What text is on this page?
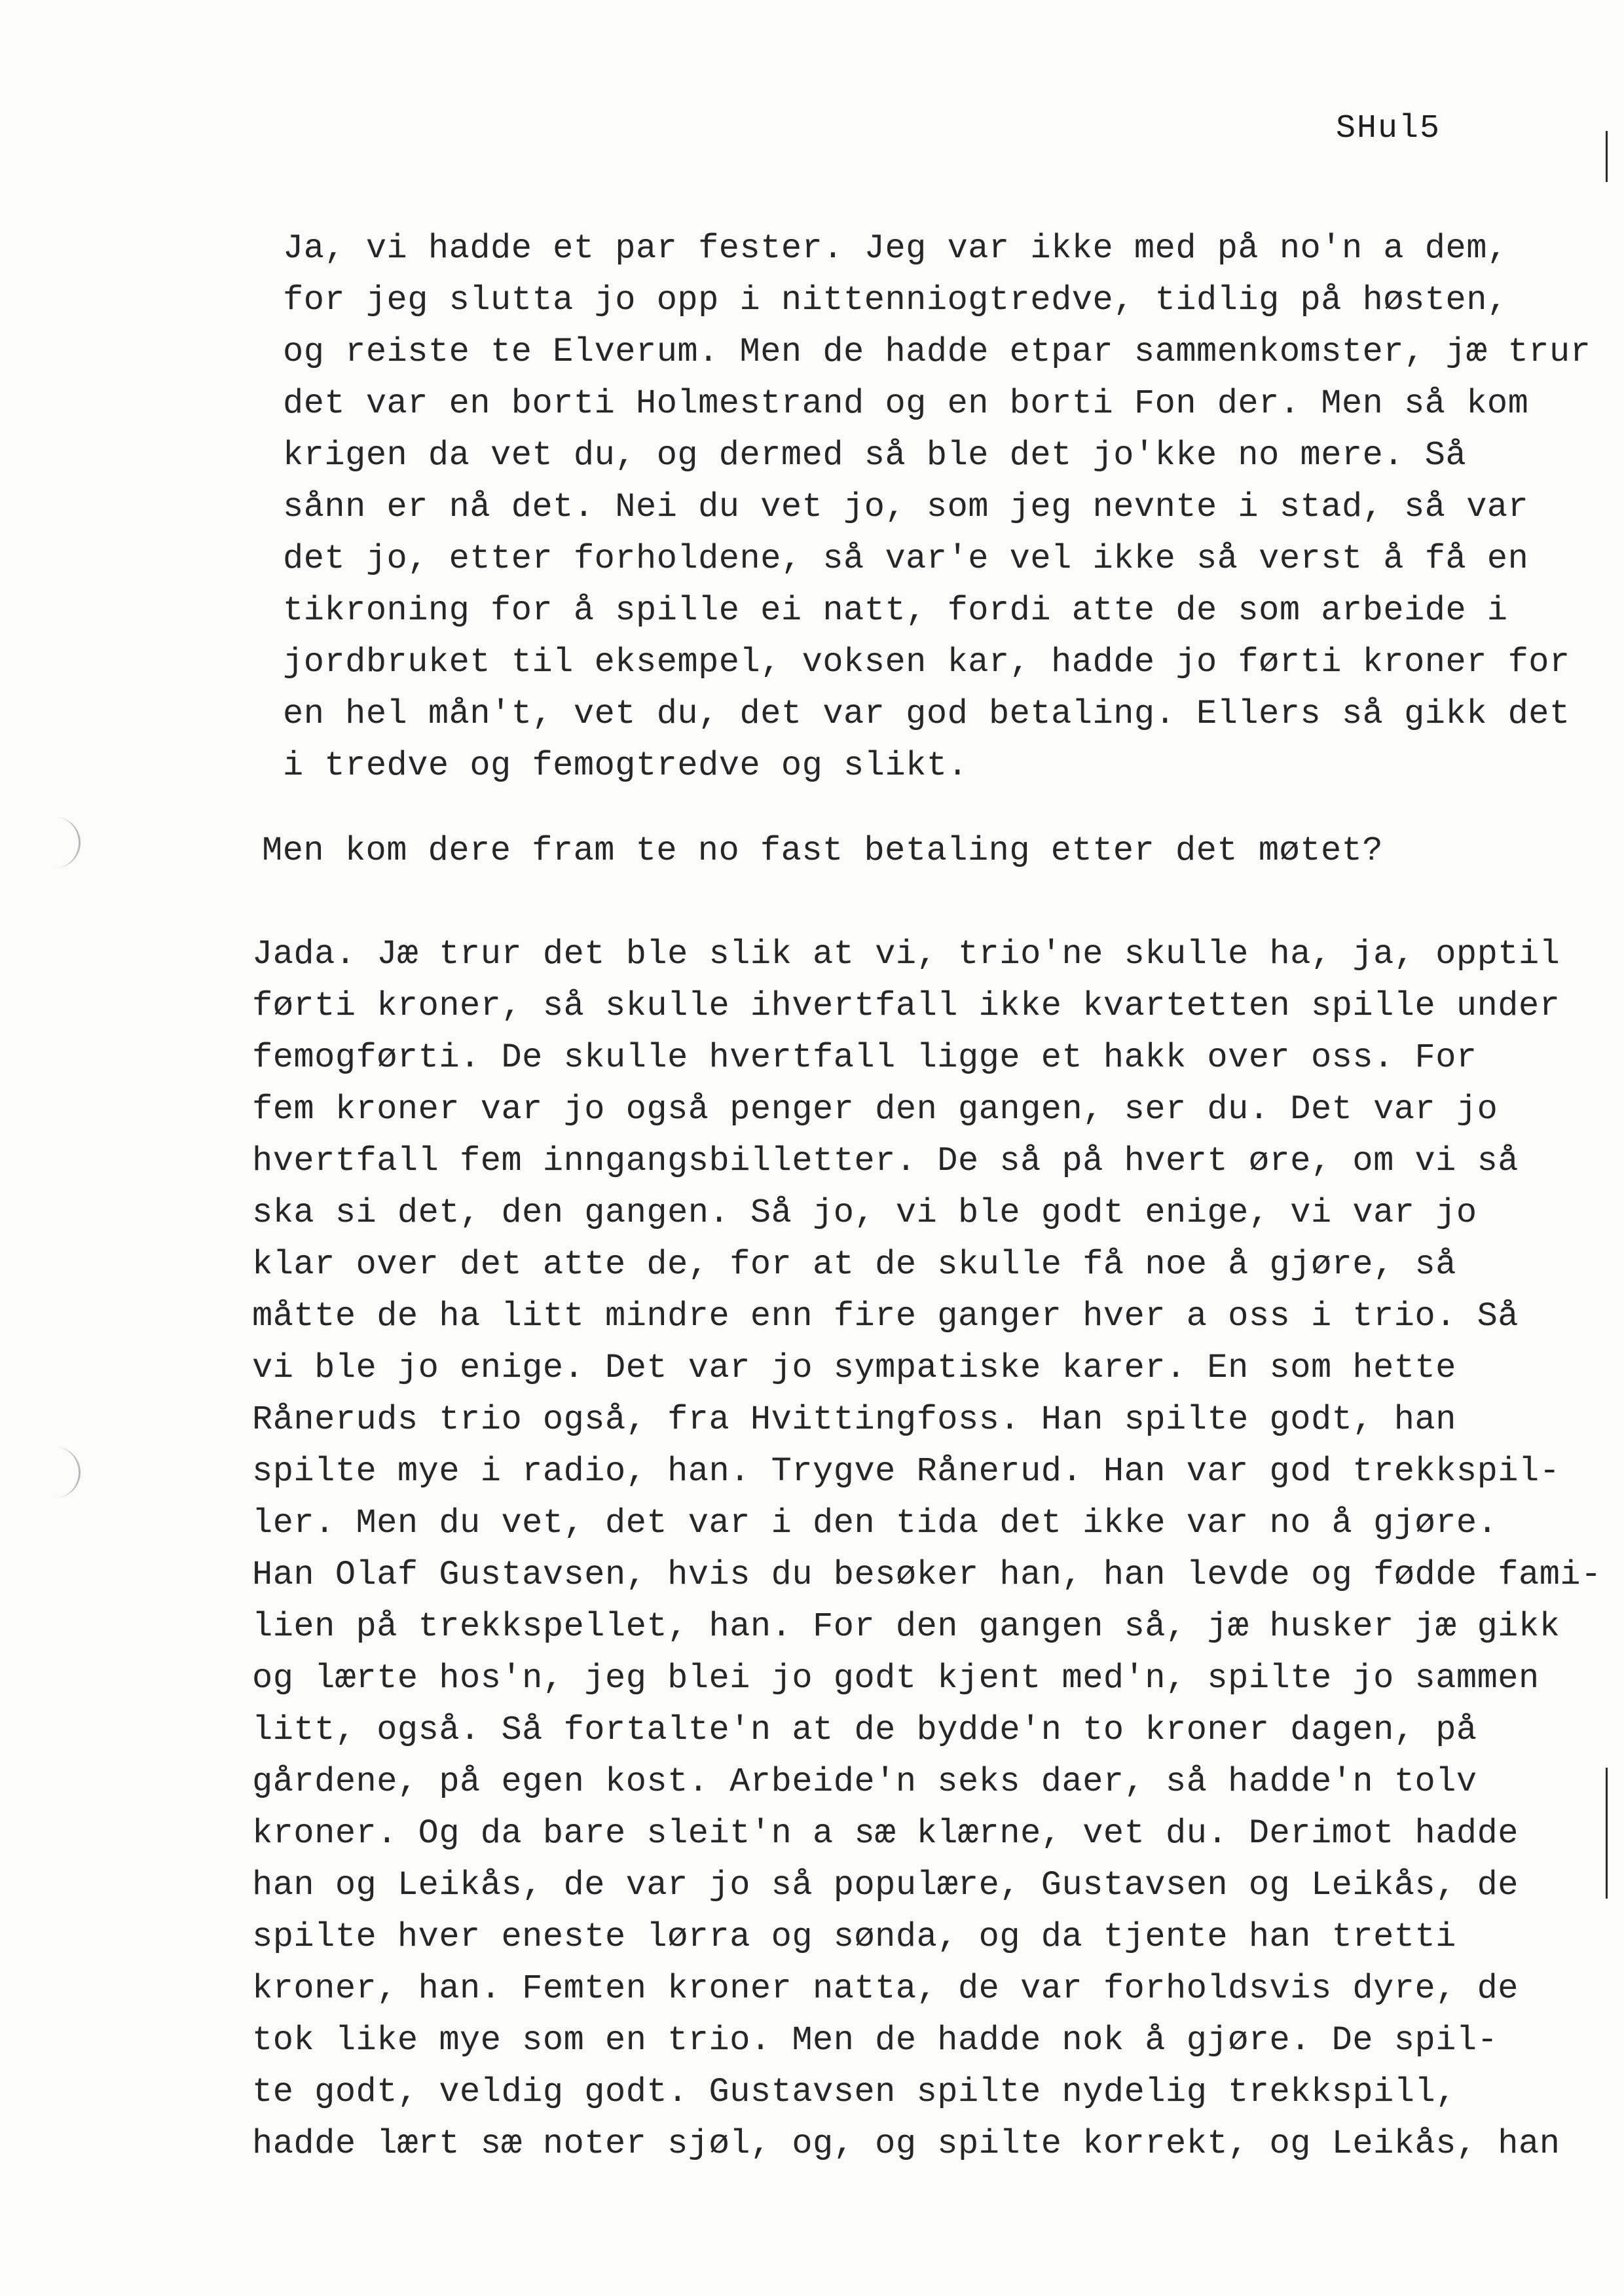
SHul5
Ja, vi hadde et par fester. Jeg var ikke med på no'n a dem,
for jeg slutta jo opp i nittenniogtredve, tidlig på høsten,
og reiste te Elverum. Men de hadde etpar sammenkomster, jæ trur
det var en borti Holmestrand og en borti Fon der. Men så kom
krigen da vet du, og dermed så ble det jo'kke no mere. Så
sånn er nå det. Nei du vet jo, som jeg nevnte i stad, så var
det jo, etter forholdene, så var'e vel ikke så verst å få en
tikroning for å spille ei natt, fordi atte de som arbeide i
jordbruket til eksempel, voksen kar, hadde jo førti kroner for
en hel mån't, vet du, det var god betaling. Ellers så gikk det
i tredve og femogtredve og slikt.
Men kom dere fram te no fast betaling etter det møtet?
Jada. Jæ trur det ble slik at vi, trio'ne skulle ha, ja, opptil
førti kroner, så skulle ihvertfall ikke kvartetten spille under
femogførti. De skulle hvertfall ligge et hakk over oss. For
fem kroner var jo også penger den gangen, ser du. Det var jo
hvertfall fem inngangsbilletter. De så på hvert øre, om vi så
ska si det, den gangen. Så jo, vi ble godt enige, vi var jo
klar over det atte de, for at de skulle få noe å gjøre, så
måtte de ha litt mindre enn fire ganger hver a oss i trio. Så
vi ble jo enige. Det var jo sympatiske karer. En som hette
Råneruds trio også, fra Hvittingfoss. Han spilte godt, han
spilte mye i radio, han. Trygve Rånerud. Han var god trekkspil-
ler. Men du vet, det var i den tida det ikke var no å gjøre.
Han Olaf Gustavsen, hvis du besøker han, han levde og fødde fami-
lien på trekkspellet, han. For den gangen så, jæ husker jæ gikk
og lærte hos'n, jeg blei jo godt kjent med'n, spilte jo sammen
litt, også. Så fortalte'n at de bydde'n to kroner dagen, på
gårdene, på egen kost. Arbeide'n seks daer, så hadde'n tolv
kroner. Og da bare sleit'n a sæ klærne, vet du. Derimot hadde
han og Leikås, de var jo så populære, Gustavsen og Leikås, de
spilte hver eneste lørra og sønda, og da tjente han tretti
kroner, han. Femten kroner natta, de var forholdsvis dyre, de
tok like mye som en trio. Men de hadde nok å gjøre. De spil-
te godt, veldig godt. Gustavsen spilte nydelig trekkspill,
hadde lært sæ noter sjøl, og, og spilte korrekt, og Leikås, han
